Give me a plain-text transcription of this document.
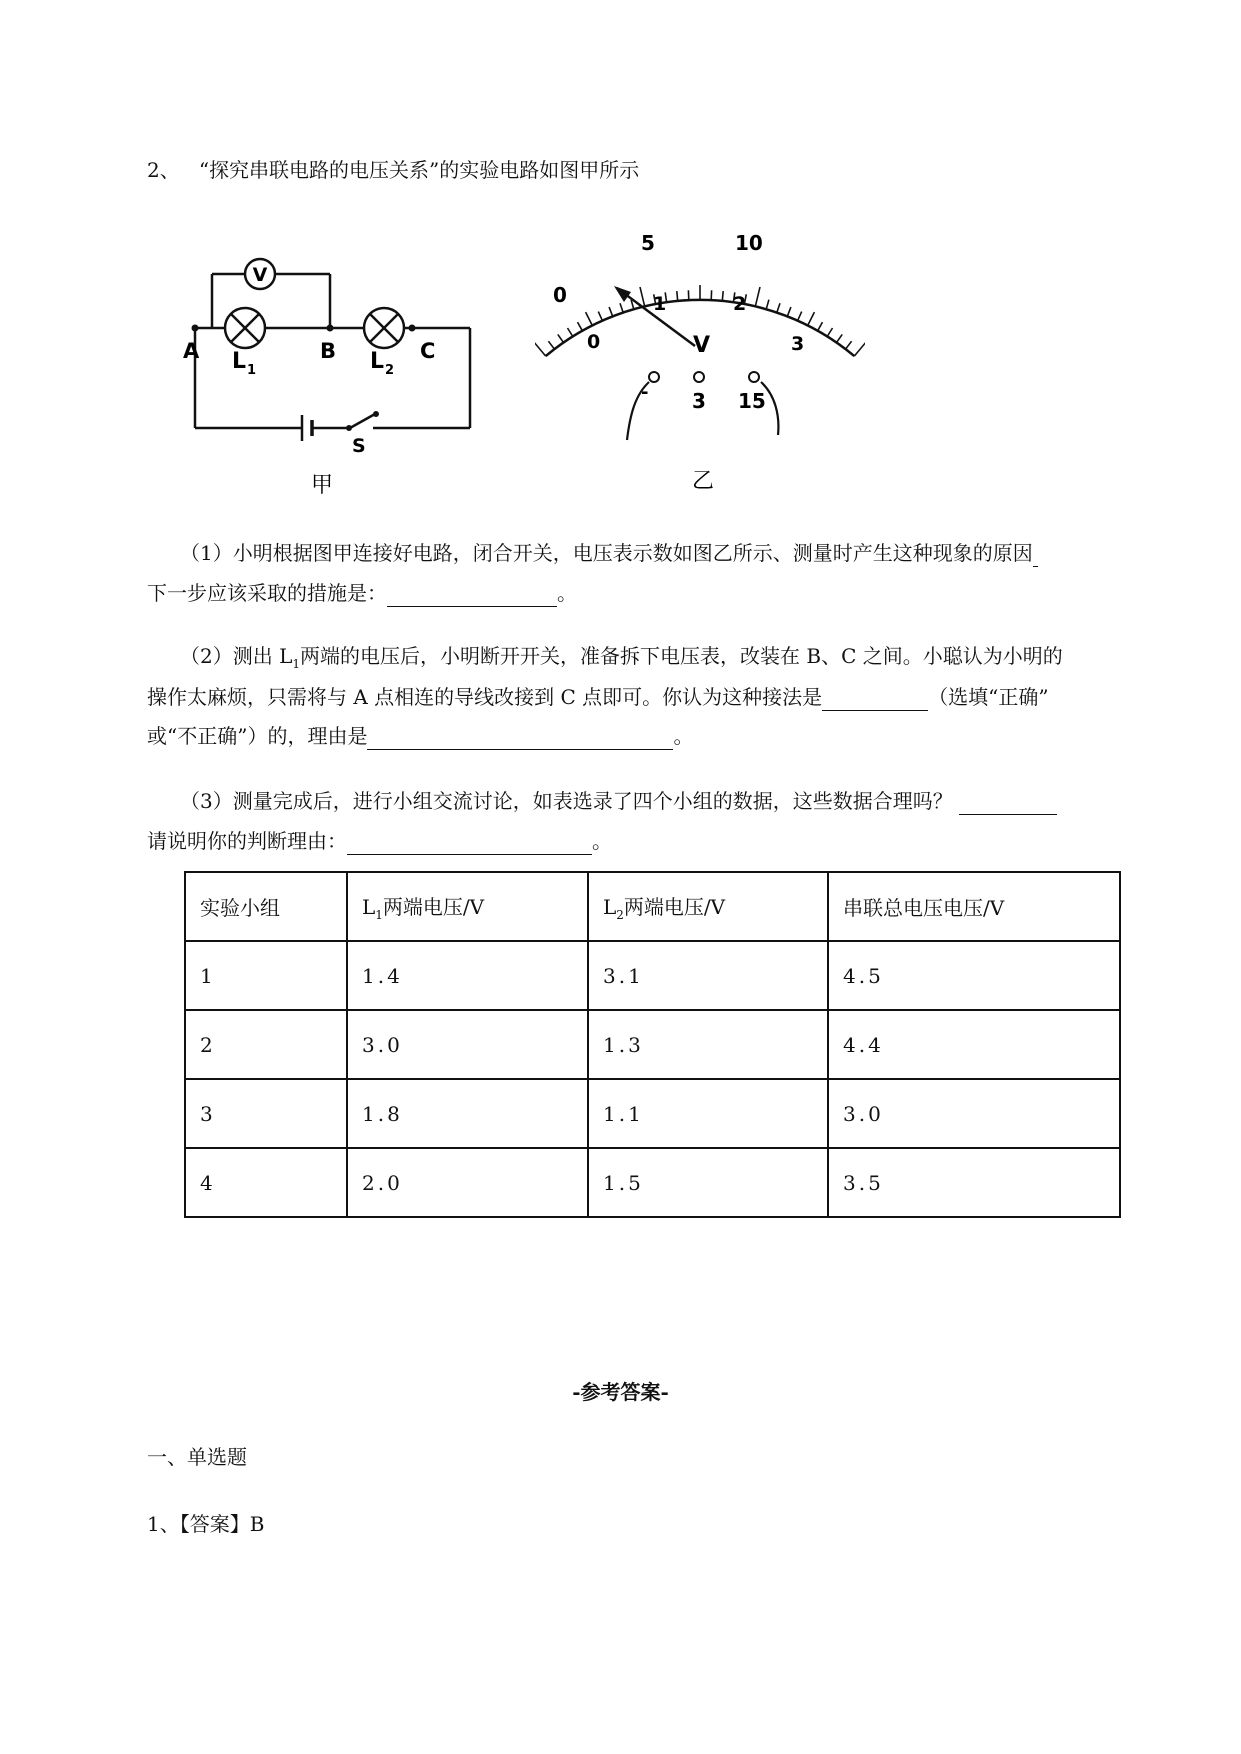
2、 “探究串联电路的电压关系”的实验电路如图甲所示
V
A	B	C
L 1	L 2
S
甲
0
5	10
0
1	2
3
V
- 3 15
乙
（1）小明根据图甲连接好电路，闭合开关，电压表示数如图乙所示、测量时产生这种现象的原因
下一步应该采取的措施是：	。
（2）测出 $L_1$两端的电压后，小明断开开关，准备拆下电压表，改装在 B、C 之间。小聪认为小明的
操作太麻烦，只需将与 A 点相连的导线改接到 C 点即可。你认为这种接法是	（选填“正确”
或“不正确”）的，理由是	。
（3）测量完成后，进行小组交流讨论，如表选录了四个小组的数据，这些数据合理吗？
请说明你的判断理由：	。
实验小组	$L_1$两端电压/V	$L_2$两端电压/V	串联总电压电压/V
1	1.4	3.1	4.5
2	3.0	1.3	4.4
3	1.8	1.1	3.0
4	2.0	1.5	3.5
-参考答案-
一、单选题
1、【答案】B
